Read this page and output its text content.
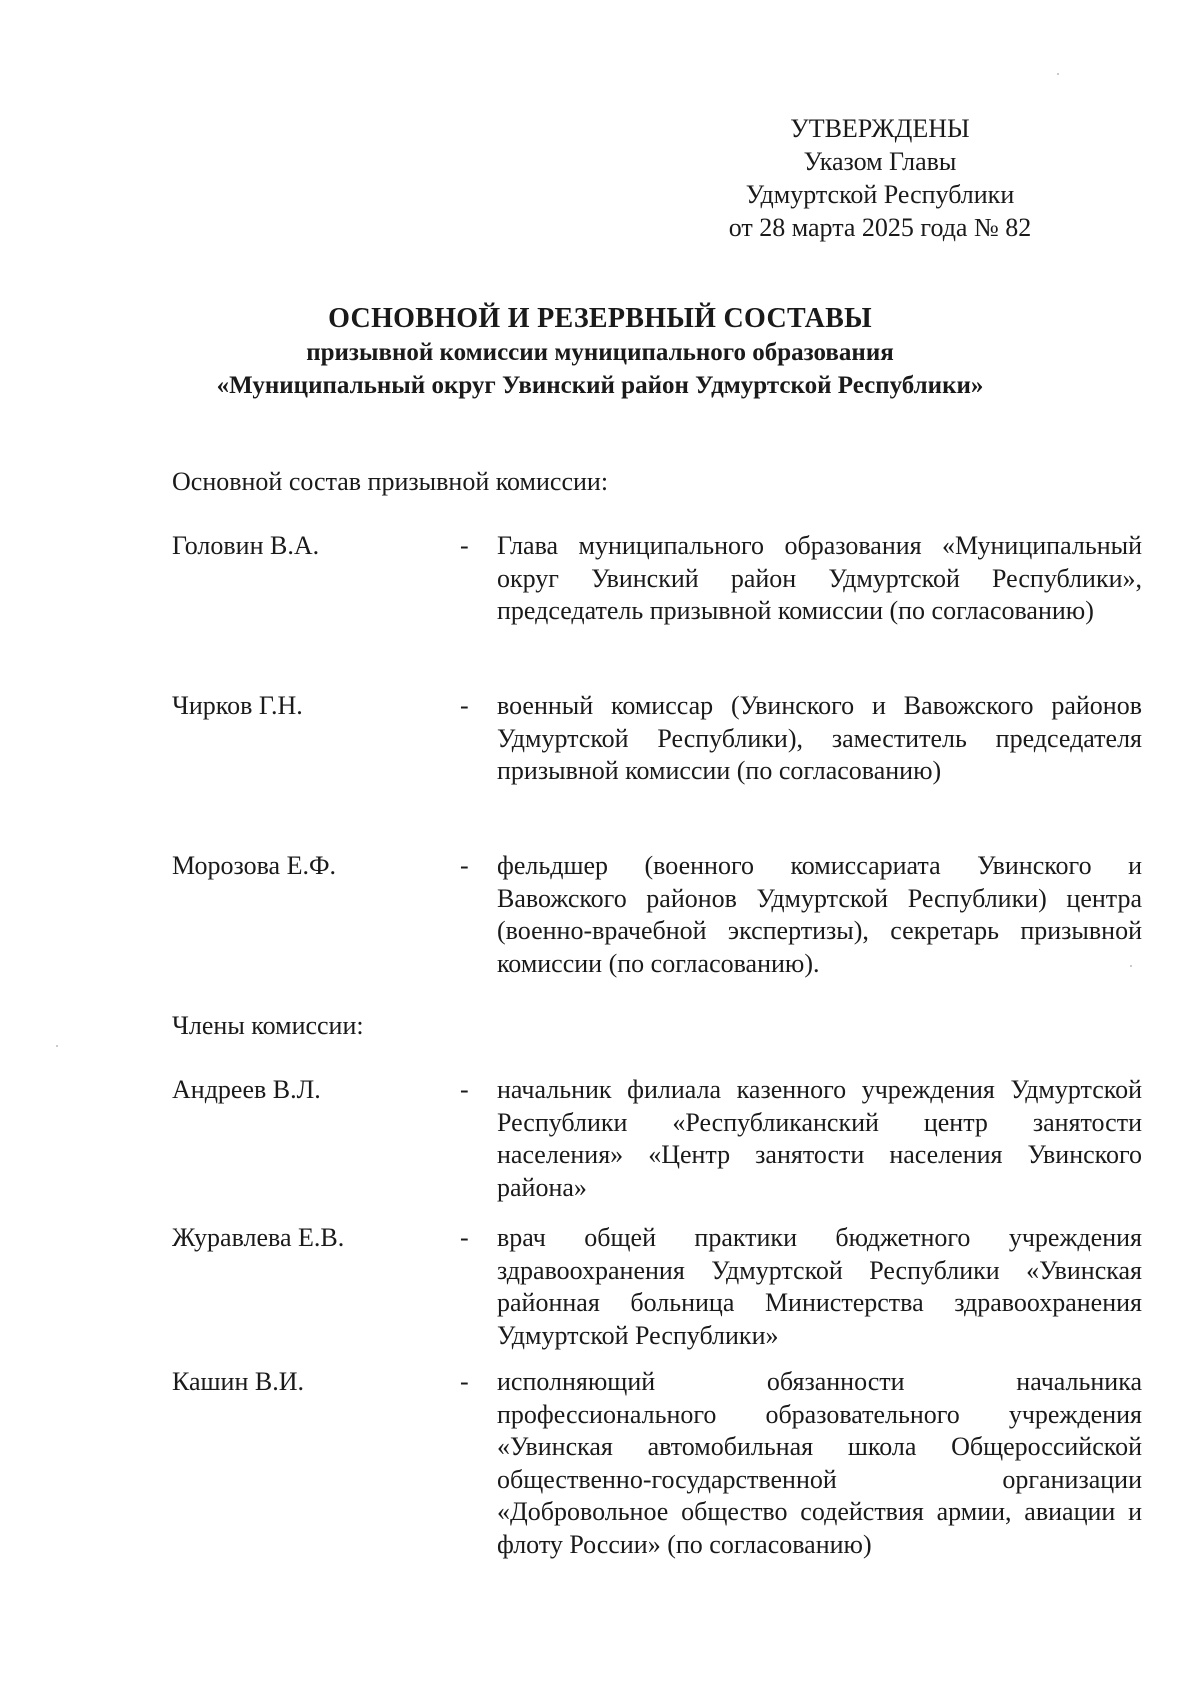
УТВЕРЖДЕНЫ
Указом Главы
Удмуртской Республики
от 28 марта 2025 года № 82
ОСНОВНОЙ И РЕЗЕРВНЫЙ СОСТАВЫ
призывной комиссии муниципального образования
«Муниципальный округ Увинский район Удмуртской Республики»
Основной состав призывной комиссии:
Головин В.А.	- Глава муниципального образования «Муниципальный округ Увинский район Удмуртской Республики», председатель призывной комиссии (по согласованию)
Чирков Г.Н.	- военный комиссар (Увинского и Вавожского районов Удмуртской Республики), заместитель председателя призывной комиссии (по согласованию)
Морозова Е.Ф.	- фельдшер (военного комиссариата Увинского и Вавожского районов Удмуртской Республики) центра (военно-врачебной экспертизы), секретарь призывной комиссии (по согласованию).
Члены комиссии:
Андреев В.Л.	- начальник филиала казенного учреждения Удмуртской Республики «Республиканский центр занятости населения» «Центр занятости населения Увинского района»
Журавлева Е.В.	- врач общей практики бюджетного учреждения здравоохранения Удмуртской Республики «Увинская районная больница Министерства здравоохранения Удмуртской Республики»
Кашин В.И.	- исполняющий обязанности начальника профессионального образовательного учреждения «Увинская автомобильная школа Общероссийской общественно-государственной организации «Добровольное общество содействия армии, авиации и флоту России» (по согласованию)
